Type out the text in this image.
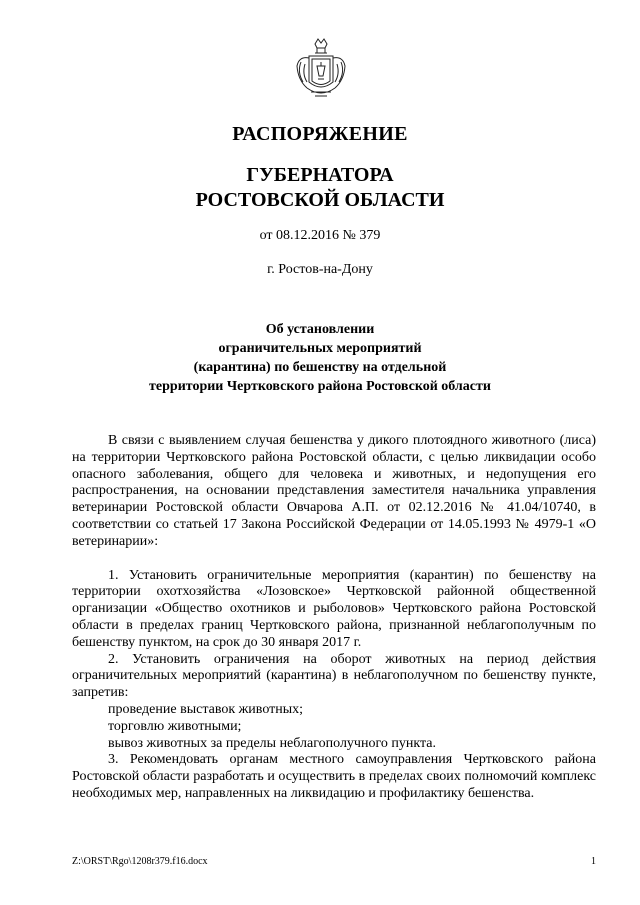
РАСПОРЯЖЕНИЕ
ГУБЕРНАТОРА
РОСТОВСКОЙ ОБЛАСТИ
от 08.12.2016 № 379
г. Ростов-на-Дону
Об установлении
ограничительных мероприятий
(карантина) по бешенству на отдельной
территории Чертковского района Ростовской области

В связи с выявлением случая бешенства у дикого плотоядного животного (лиса) на территории Чертковского района Ростовской области, с целью ликвидации особо опасного заболевания, общего для человека и животных, и недопущения его распространения, на основании представления заместителя начальника управления ветеринарии Ростовской области Овчарова А.П. от 02.12.2016 № 41.04/10740, в соответствии со статьей 17 Закона Российской Федерации от 14.05.1993 № 4979-1 «О ветеринарии»:

1. Установить ограничительные мероприятия (карантин) по бешенству на территории охотхозяйства «Лозовское» Чертковской районной общественной организации «Общество охотников и рыболовов» Чертковского района Ростовской области в пределах границ Чертковского района, признанной неблагополучным по бешенству пунктом, на срок до 30 января 2017 г.

2. Установить ограничения на оборот животных на период действия ограничительных мероприятий (карантина) в неблагополучном по бешенству пункте, запретив:

проведение выставок животных;

торговлю животными;

вывоз животных за пределы неблагополучного пункта.

3. Рекомендовать органам местного самоуправления Чертковского района Ростовской области разработать и осуществить в пределах своих полномочий комплекс необходимых мер, направленных на ликвидацию и профилактику бешенства.

Z:\ORST\Rgo\1208r379.f16.docx	1
